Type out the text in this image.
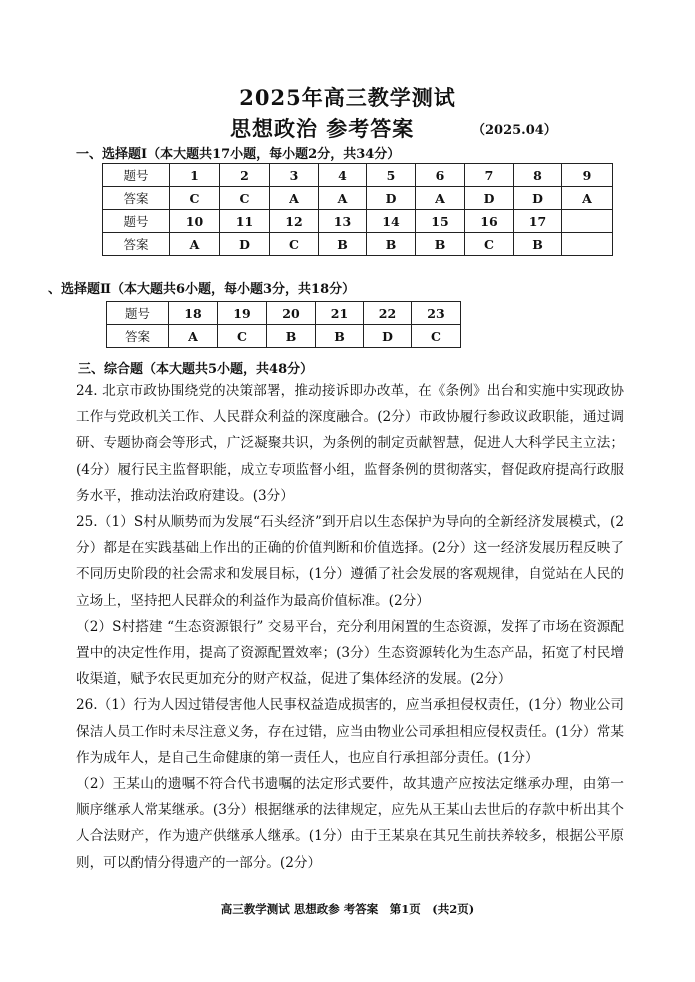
2025年高三教学测试
思想政治 参考答案	（2025.04）
一、选择题Ⅰ（本大题共17小题，每小题2分，共34分）
题号	1	2	3	4	5	6	7	8	9
答案	C	C	A	A	D	A	D	D	A
题号	10	11	12	13	14	15	16	17	
答案	A	D	C	B	B	B	C	B	
、选择题Ⅱ（本大题共6小题，每小题3分，共18分）
题号	18	19	20	21	22	23
答案	A	C	B	B	D	C
三、综合题（本大题共5小题，共48分）

24. 北京市政协围绕党的决策部署，推动接诉即办改革，在《条例》出台和实施中实现政协工作与党政机关工作、人民群众利益的深度融合。(2分）市政协履行参政议政职能，通过调研、专题协商会等形式，广泛凝聚共识，为条例的制定贡献智慧，促进人大科学民主立法；(4分）履行民主监督职能，成立专项监督小组，监督条例的贯彻落实，督促政府提高行政服务水平，推动法治政府建设。(3分）

25.（1）S村从顺势而为发展“石头经济”到开启以生态保护为导向的全新经济发展模式，(2分）都是在实践基础上作出的正确的价值判断和价值选择。(2分）这一经济发展历程反映了不同历史阶段的社会需求和发展目标，(1分）遵循了社会发展的客观规律，自觉站在人民的立场上，坚持把人民群众的利益作为最高价值标准。(2分）

（2）S村搭建 “生态资源银行” 交易平台，充分利用闲置的生态资源，发挥了市场在资源配置中的决定性作用，提高了资源配置效率；(3分）生态资源转化为生态产品，拓宽了村民增收渠道，赋予农民更加充分的财产权益，促进了集体经济的发展。(2分）

26.（1）行为人因过错侵害他人民事权益造成损害的，应当承担侵权责任，(1分）物业公司保洁人员工作时未尽注意义务，存在过错，应当由物业公司承担相应侵权责任。(1分）常某作为成年人，是自己生命健康的第一责任人，也应自行承担部分责任。(1分）

（2）王某山的遗嘱不符合代书遗嘱的法定形式要件，故其遗产应按法定继承办理，由第一顺序继承人常某继承。(3分）根据继承的法律规定，应先从王某山去世后的存款中析出其个人合法财产，作为遗产供继承人继承。(1分）由于王某泉在其兄生前扶养较多，根据公平原则，可以酌情分得遗产的一部分。(2分）

高三教学测试 思想政参 考答案　第1页　(共2页)
